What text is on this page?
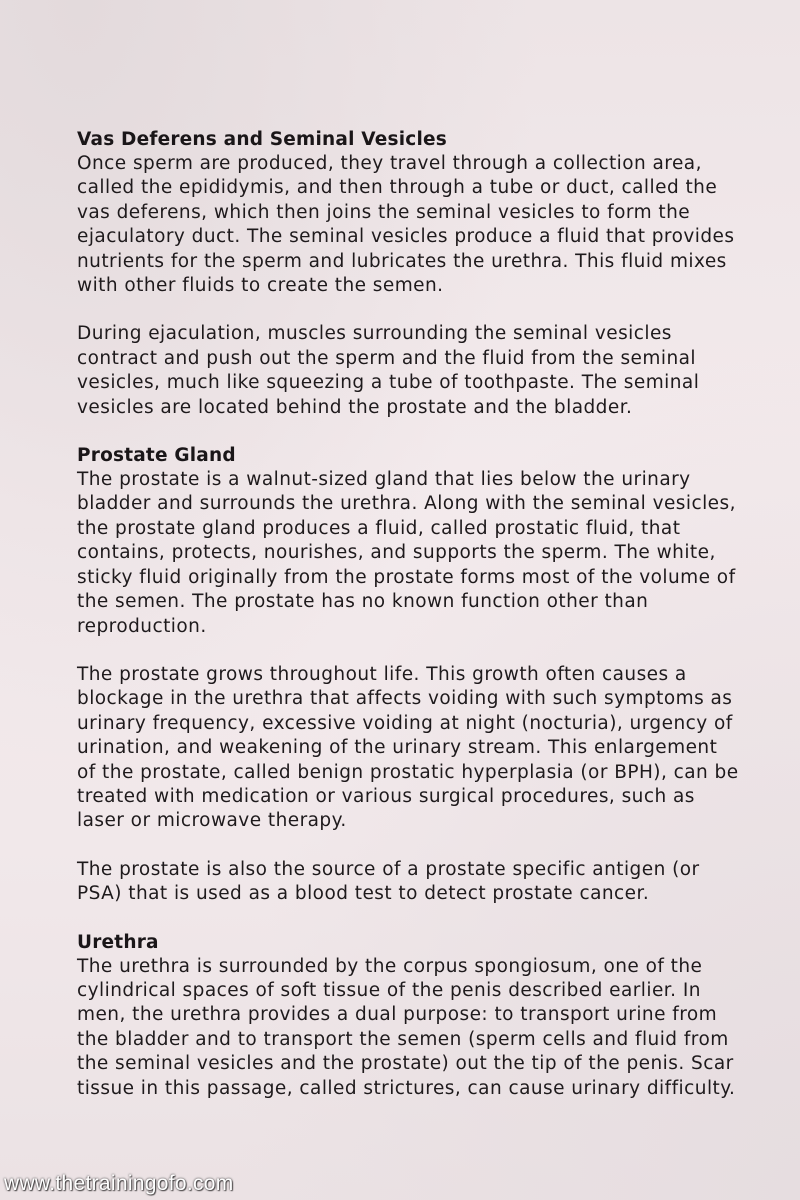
Vas Deferens and Seminal Vesicles

Once sperm are produced, they travel through a collection area,
called the epididymis, and then through a tube or duct, called the
vas deferens, which then joins the seminal vesicles to form the
ejaculatory duct. The seminal vesicles produce a fluid that provides
nutrients for the sperm and lubricates the urethra. This fluid mixes
with other fluids to create the semen.

During ejaculation, muscles surrounding the seminal vesicles
contract and push out the sperm and the fluid from the seminal
vesicles, much like squeezing a tube of toothpaste. The seminal
vesicles are located behind the prostate and the bladder.

Prostate Gland

The prostate is a walnut-sized gland that lies below the urinary
bladder and surrounds the urethra. Along with the seminal vesicles,
the prostate gland produces a fluid, called prostatic fluid, that
contains, protects, nourishes, and supports the sperm. The white,
sticky fluid originally from the prostate forms most of the volume of
the semen. The prostate has no known function other than
reproduction.

The prostate grows throughout life. This growth often causes a
blockage in the urethra that affects voiding with such symptoms as
urinary frequency, excessive voiding at night (nocturia), urgency of
urination, and weakening of the urinary stream. This enlargement
of the prostate, called benign prostatic hyperplasia (or BPH), can be
treated with medication or various surgical procedures, such as
laser or microwave therapy.

The prostate is also the source of a prostate specific antigen (or
PSA) that is used as a blood test to detect prostate cancer.

Urethra

The urethra is surrounded by the corpus spongiosum, one of the
cylindrical spaces of soft tissue of the penis described earlier. In
men, the urethra provides a dual purpose: to transport urine from
the bladder and to transport the semen (sperm cells and fluid from
the seminal vesicles and the prostate) out the tip of the penis. Scar
tissue in this passage, called strictures, can cause urinary difficulty.

www.thetrainingofo.com
